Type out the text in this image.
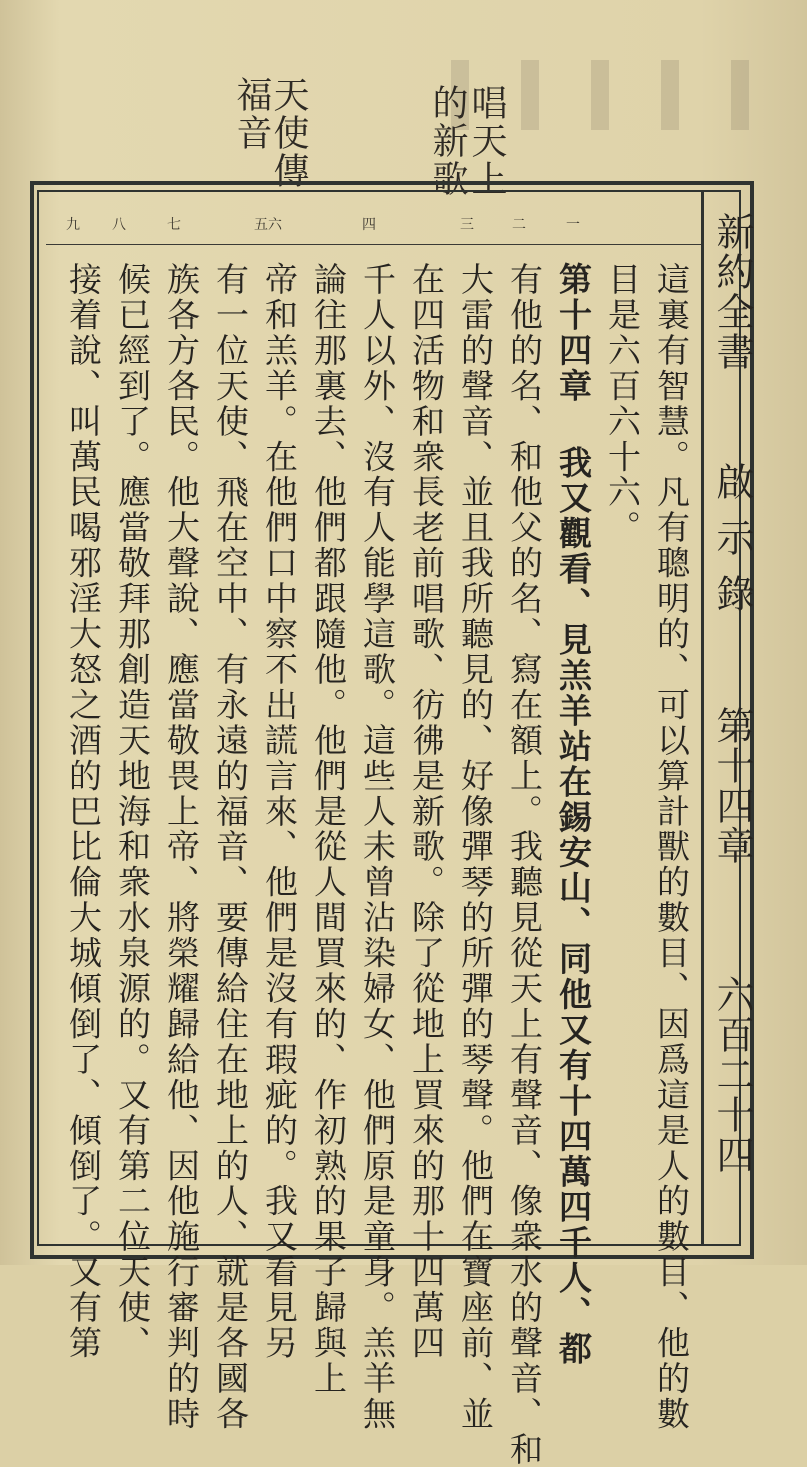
唱天上
的新歌
天使傳
福音
新約全書
啟示錄
第十四章
六百二十四
一
二
三
四
五六
七
八
九
這裏有智慧。凡有聰明的、可以算計獸的數目、因爲這是人的數目、他的數
目是六百六十六。
第十四章 我又觀看、見羔羊站在錫安山、同他又有十四萬四千人、都
有他的名、和他父的名、寫在額上。我聽見從天上有聲音、像衆水的聲音、和
大雷的聲音、並且我所聽見的、好像彈琴的所彈的琴聲。他們在寶座前、並
在四活物和衆長老前唱歌、彷彿是新歌。除了從地上買來的那十四萬四
千人以外、沒有人能學這歌。這些人未曾沾染婦女、他們原是童身。羔羊無
論往那裏去、他們都跟隨他。他們是從人間買來的、作初熟的果子歸與上
帝和羔羊。在他們口中察不出謊言來、他們是沒有瑕疵的。我又看見另
有一位天使、飛在空中、有永遠的福音、要傳給住在地上的人、就是各國各
族各方各民。他大聲說、應當敬畏上帝、將榮耀歸給他、因他施行審判的時
候已經到了。應當敬拜那創造天地海和衆水泉源的。又有第二位天使、
接着說、叫萬民喝邪淫大怒之酒的巴比倫大城傾倒了、傾倒了。又有第
